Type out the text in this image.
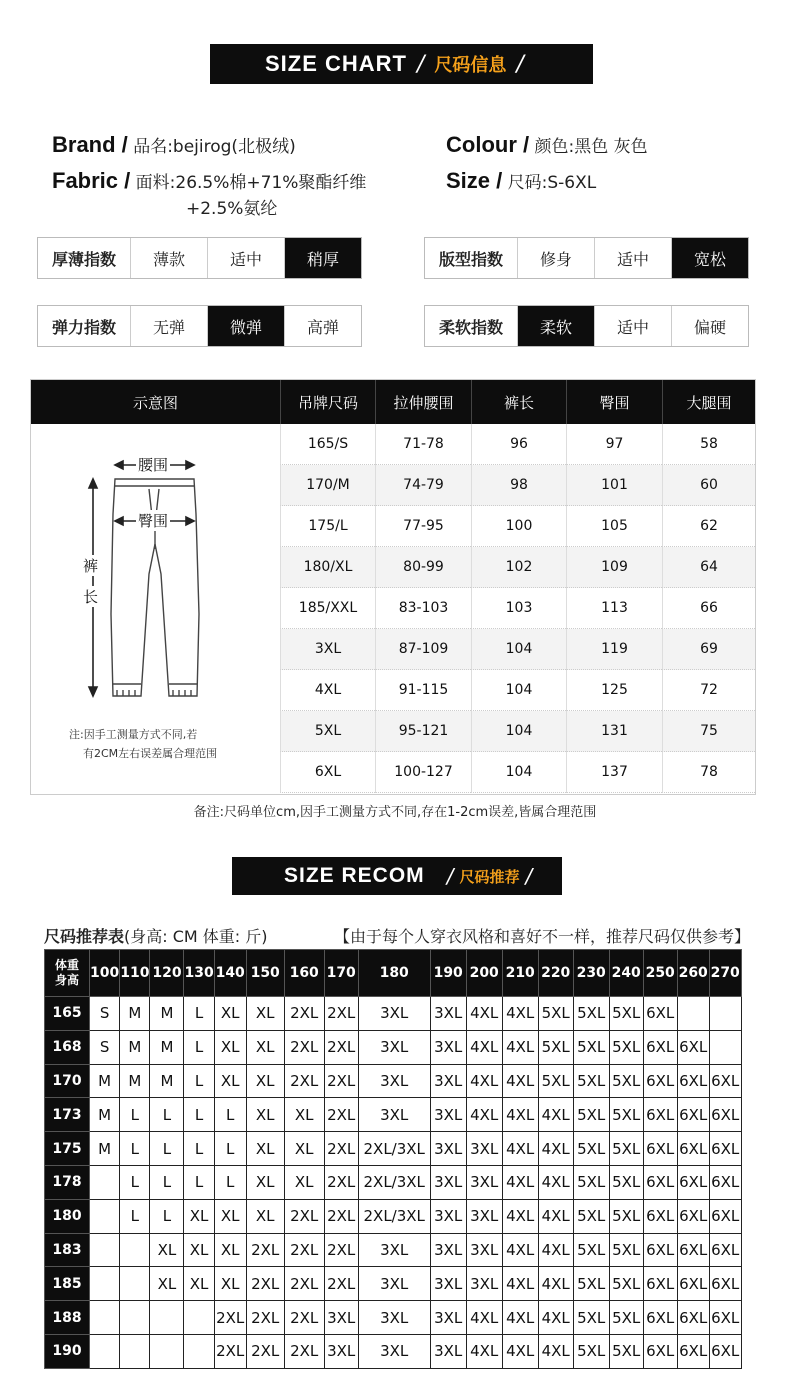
SIZE CHART / 尺码信息 /
Brand / 品名:bejirog(北极绒)
Fabric / 面料:26.5%棉+71%聚酯纤维
+2.5%氨纶
Colour / 颜色:黑色 灰色
Size / 尺码:S-6XL
厚薄指数	薄款	适中	稍厚	版型指数	修身	适中	宽松
弹力指数	无弹	微弹	高弹	柔软指数	柔软	适中	偏硬
示意图	吊牌尺码	拉伸腰围	裤长	臀围	大腿围
腰围
臀围
裤
长
注:因手工测量方式不同,若
有2CM左右误差属合理范围
165/S	71-78	96	97	58
170/M	74-79	98	101	60
175/L	77-95	100	105	62
180/XL	80-99	102	109	64
185/XXL	83-103	103	113	66
3XL	87-109	104	119	69
4XL	91-115	104	125	72
5XL	95-121	104	131	75
6XL	100-127	104	137	78
备注:尺码单位cm,因手工测量方式不同,存在1-2cm误差,皆属合理范围
SIZE RECOM / 尺码推荐 /
尺码推荐表(身高: CM 体重: 斤)	【由于每个人穿衣风格和喜好不一样，推荐尺码仅供参考】
体重
身高	100	110	120	130	140	150	160	170	180	190	200	210	220	230	240	250	260	270
165	S	M	M	L	XL	XL	2XL	2XL	3XL	3XL	4XL	4XL	5XL	5XL	5XL	6XL		
168	S	M	M	L	XL	XL	2XL	2XL	3XL	3XL	4XL	4XL	5XL	5XL	5XL	6XL	6XL	
170	M	M	M	L	XL	XL	2XL	2XL	3XL	3XL	4XL	4XL	5XL	5XL	5XL	6XL	6XL	6XL
173	M	L	L	L	L	XL	XL	2XL	3XL	3XL	4XL	4XL	4XL	5XL	5XL	6XL	6XL	6XL
175	M	L	L	L	L	XL	XL	2XL	2XL/3XL	3XL	3XL	4XL	4XL	5XL	5XL	6XL	6XL	6XL
178		L	L	L	L	XL	XL	2XL	2XL/3XL	3XL	3XL	4XL	4XL	5XL	5XL	6XL	6XL	6XL
180		L	L	XL	XL	XL	2XL	2XL	2XL/3XL	3XL	3XL	4XL	4XL	5XL	5XL	6XL	6XL	6XL
183			XL	XL	XL	2XL	2XL	2XL	3XL	3XL	3XL	4XL	4XL	5XL	5XL	6XL	6XL	6XL
185			XL	XL	XL	2XL	2XL	2XL	3XL	3XL	3XL	4XL	4XL	5XL	5XL	6XL	6XL	6XL
188					2XL	2XL	2XL	3XL	3XL	3XL	4XL	4XL	4XL	5XL	5XL	6XL	6XL	6XL
190					2XL	2XL	2XL	3XL	3XL	3XL	4XL	4XL	4XL	5XL	5XL	6XL	6XL	6XL
